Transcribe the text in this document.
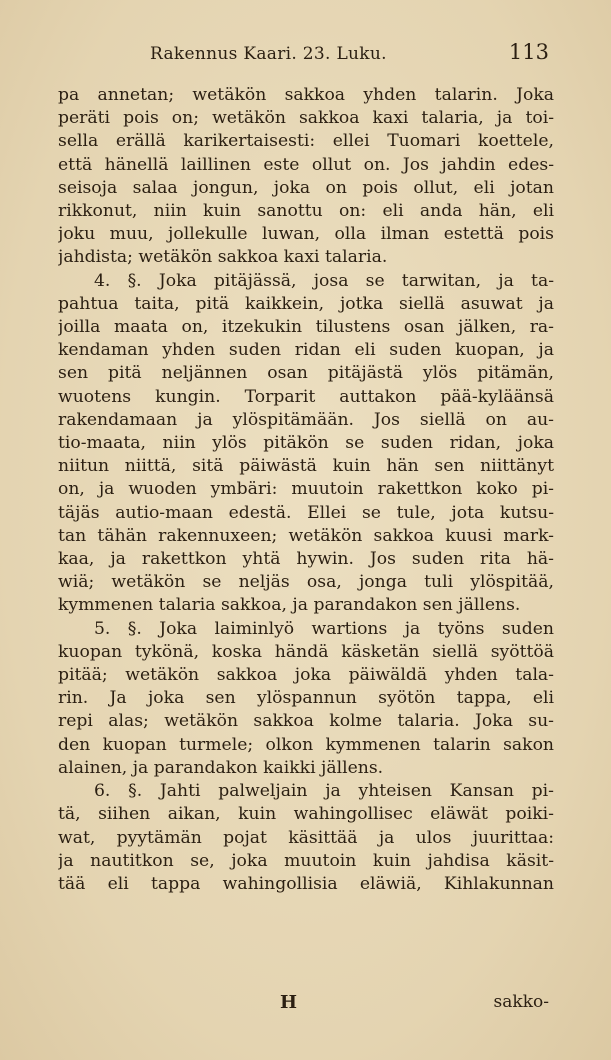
Rakennus Kaari. 23. Luku.	113
pa annetan; wetäkön sakkoa yhden talarin. Joka
peräti pois on; wetäkön sakkoa kaxi talaria, ja toi-
sella erällä karikertaisesti: ellei Tuomari koettele,
että hänellä laillinen este ollut on. Jos jahdin edes-
seisoja salaa jongun, joka on pois ollut, eli jotan
rikkonut, niin kuin sanottu on: eli anda hän, eli
joku muu, jollekulle luwan, olla ilman estettä pois
jahdista; wetäkön sakkoa kaxi talaria.
4. §. Joka pitäjässä, josa se tarwitan, ja ta-
pahtua taita, pitä kaikkein, jotka siellä asuwat ja
joilla maata on, itzekukin tilustens osan jälken, ra-
kendaman yhden suden ridan eli suden kuopan, ja
sen pitä neljännen osan pitäjästä ylös pitämän,
wuotens kungin. Torparit auttakon pää-kyläänsä
rakendamaan ja ylöspitämään. Jos siellä on au-
tio-maata, niin ylös pitäkön se suden ridan, joka
niitun niittä, sitä päiwästä kuin hän sen niittänyt
on, ja wuoden ymbäri: muutoin rakettkon koko pi-
täjäs autio-maan edestä. Ellei se tule, jota kutsu-
tan tähän rakennuxeen; wetäkön sakkoa kuusi mark-
kaa, ja rakettkon yhtä hywin. Jos suden rita hä-
wiä; wetäkön se neljäs osa, jonga tuli ylöspitää,
kymmenen talaria sakkoa, ja parandakon sen jällens.
5. §. Joka laiminlyö wartions ja työns suden
kuopan tykönä, koska händä käsketän siellä syöttöä
pitää; wetäkön sakkoa joka päiwäldä yhden tala-
rin. Ja joka sen ylöspannun syötön tappa, eli
repi alas; wetäkön sakkoa kolme talaria. Joka su-
den kuopan turmele; olkon kymmenen talarin sakon
alainen, ja parandakon kaikki jällens.
6. §. Jahti palweljain ja yhteisen Kansan pi-
tä, siihen aikan, kuin wahingollisec eläwät poiki-
wat, pyytämän pojat käsittää ja ulos juurittaa:
ja nautitkon se, joka muutoin kuin jahdisa käsit-
tää eli tappa wahingollisia eläwiä, Kihlakunnan
H	sakko-
